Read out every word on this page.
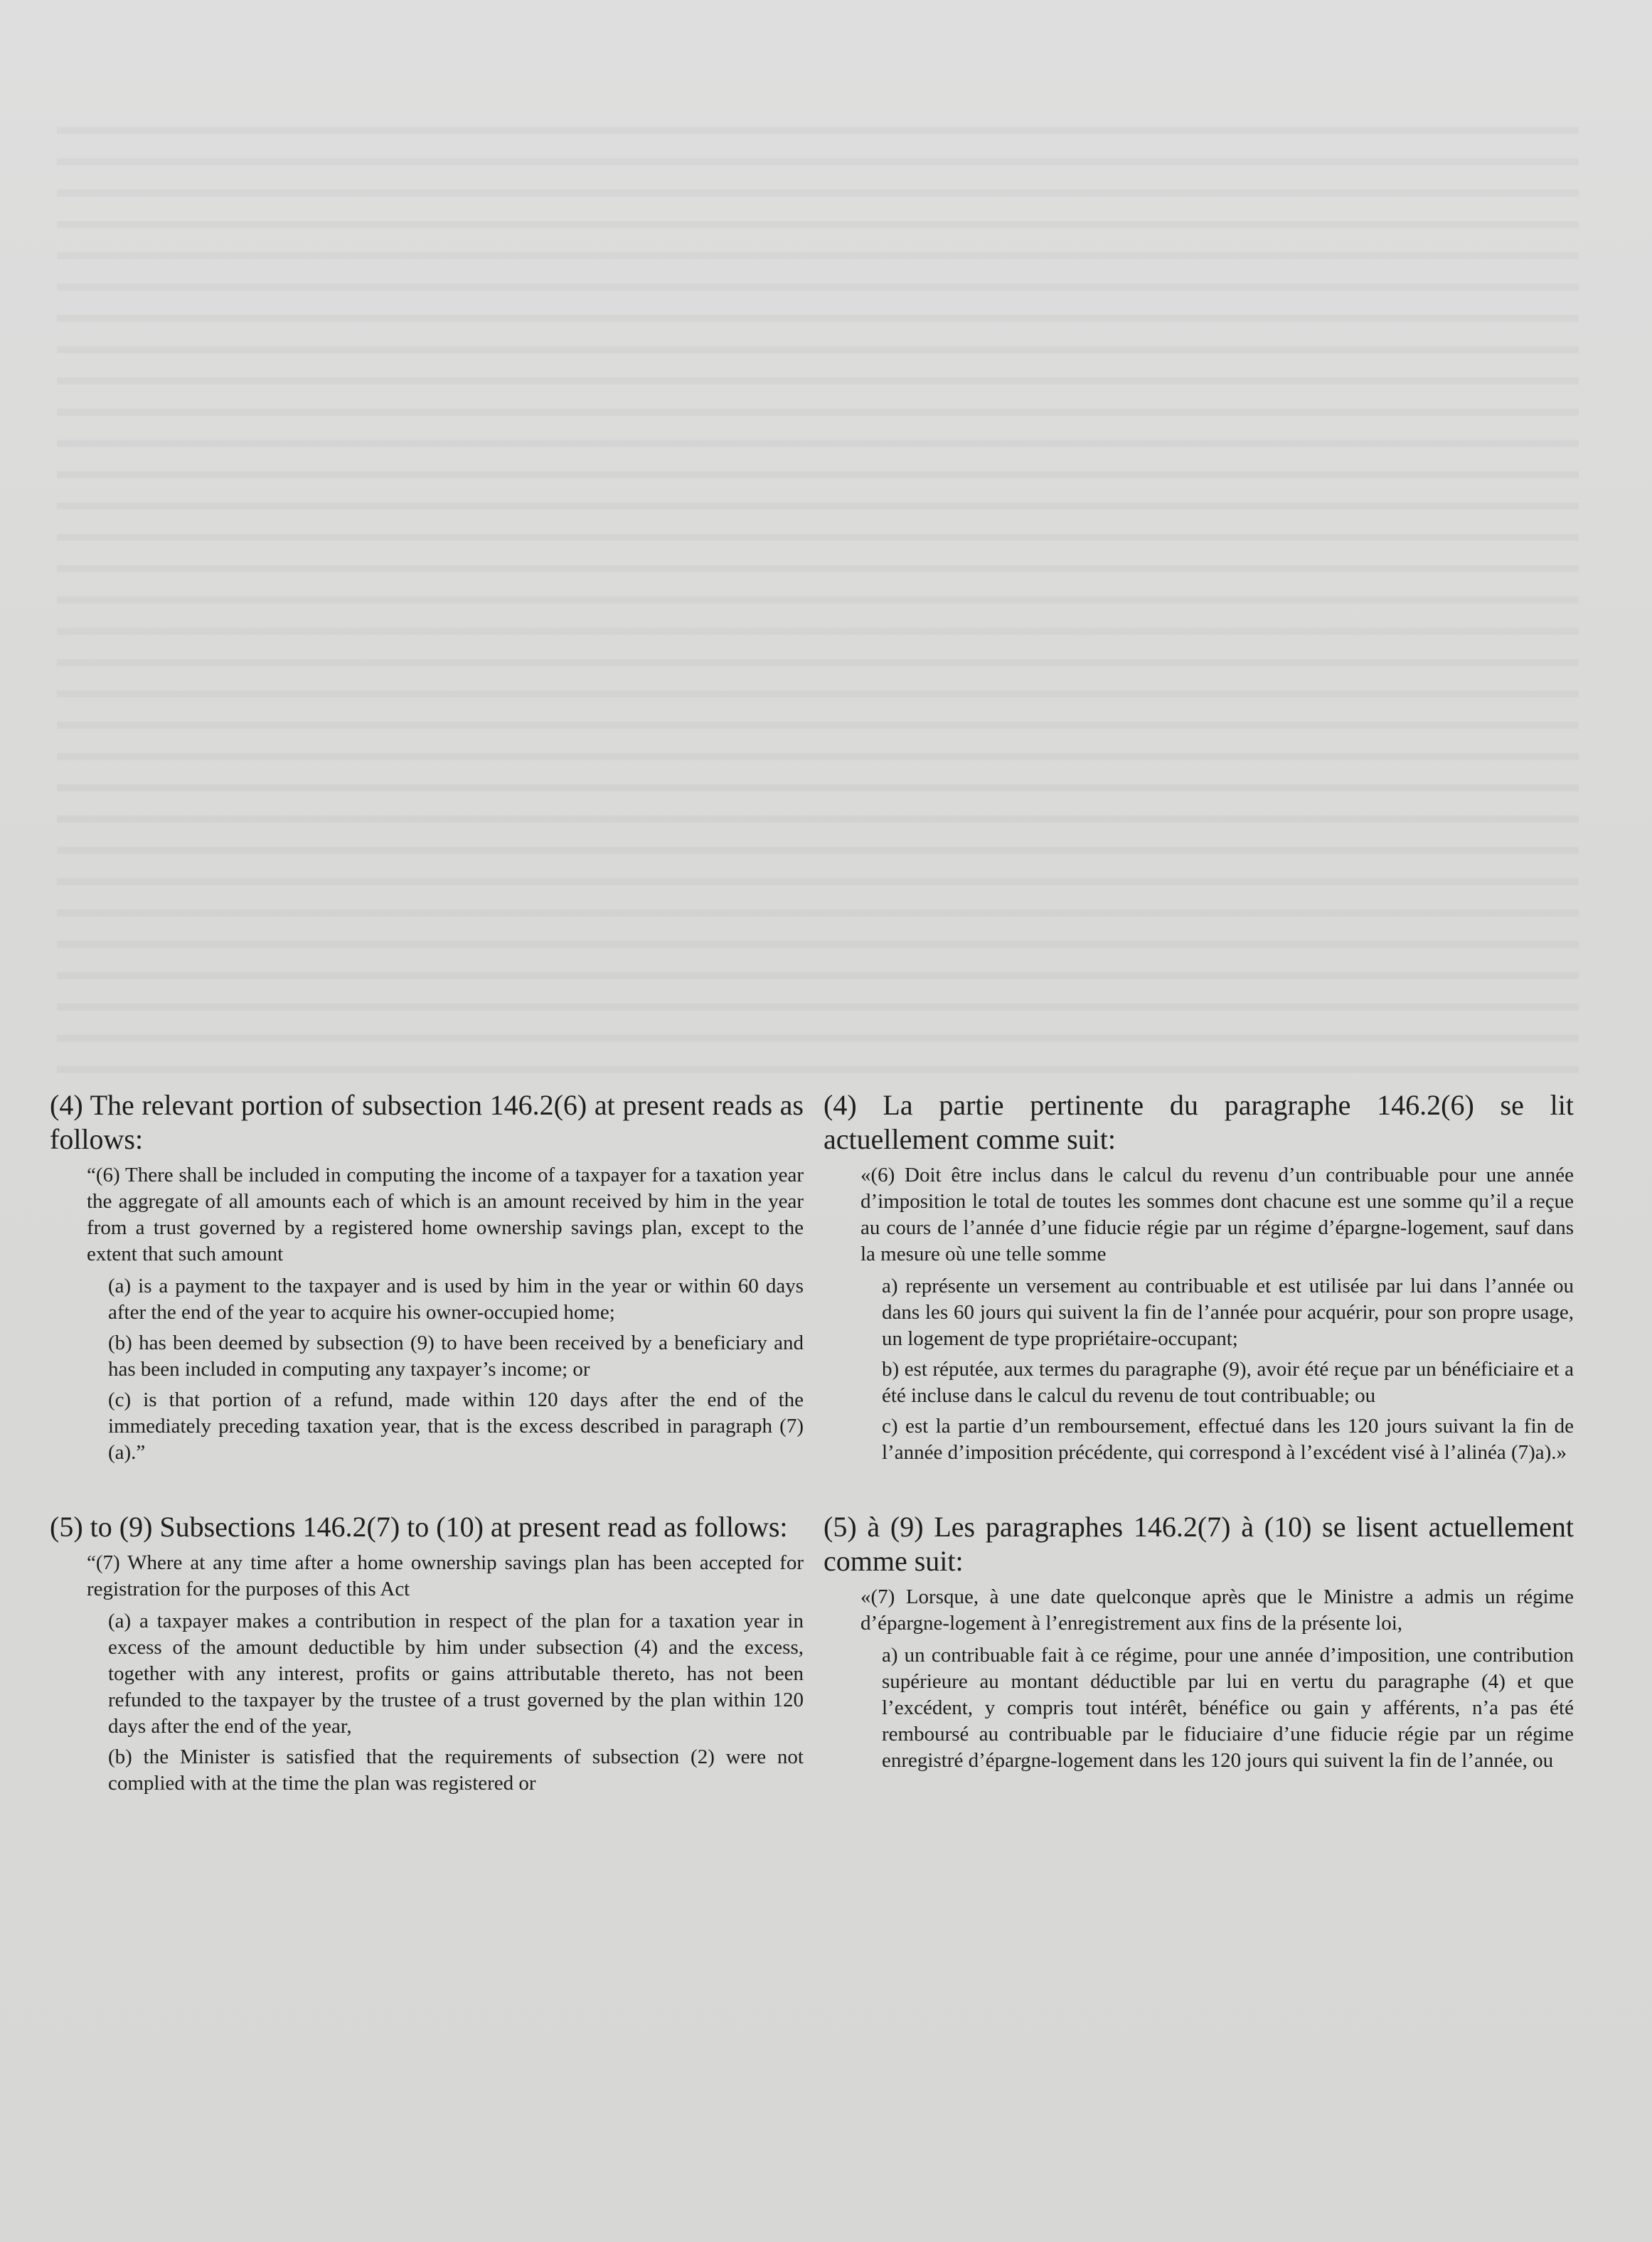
(4) The relevant portion of subsection 146.2(6) at present reads as follows:

“(6) There shall be included in computing the income of a taxpayer for a taxation year the aggregate of all amounts each of which is an amount received by him in the year from a trust governed by a registered home ownership savings plan, except to the extent that such amount

(a) is a payment to the taxpayer and is used by him in the year or within 60 days after the end of the year to acquire his owner-occupied home;

(b) has been deemed by subsection (9) to have been received by a beneficiary and has been included in computing any taxpayer’s income; or

(c) is that portion of a refund, made within 120 days after the end of the immediately preceding taxation year, that is the excess described in paragraph (7)(a).”

(5) to (9) Subsections 146.2(7) to (10) at present read as follows:

“(7) Where at any time after a home ownership savings plan has been accepted for registration for the purposes of this Act

(a) a taxpayer makes a contribution in respect of the plan for a taxation year in excess of the amount deductible by him under subsection (4) and the excess, together with any interest, profits or gains attributable thereto, has not been refunded to the taxpayer by the trustee of a trust governed by the plan within 120 days after the end of the year,

(b) the Minister is satisfied that the requirements of subsection (2) were not complied with at the time the plan was registered or

(4) La partie pertinente du paragraphe 146.2(6) se lit actuellement comme suit:

«(6) Doit être inclus dans le calcul du revenu d’un contribuable pour une année d’imposition le total de toutes les sommes dont chacune est une somme qu’il a reçue au cours de l’année d’une fiducie régie par un régime d’épargne-logement, sauf dans la mesure où une telle somme

a) représente un versement au contribuable et est utilisée par lui dans l’année ou dans les 60 jours qui suivent la fin de l’année pour acquérir, pour son propre usage, un logement de type propriétaire-occupant;

b) est réputée, aux termes du paragraphe (9), avoir été reçue par un bénéficiaire et a été incluse dans le calcul du revenu de tout contribuable; ou

c) est la partie d’un remboursement, effectué dans les 120 jours suivant la fin de l’année d’imposition précédente, qui correspond à l’excédent visé à l’alinéa (7)a).»

(5) à (9) Les paragraphes 146.2(7) à (10) se lisent actuellement comme suit:

«(7) Lorsque, à une date quelconque après que le Ministre a admis un régime d’épargne-logement à l’enregistrement aux fins de la présente loi,

a) un contribuable fait à ce régime, pour une année d’imposition, une contribution supérieure au montant déductible par lui en vertu du paragraphe (4) et que l’excédent, y compris tout intérêt, bénéfice ou gain y afférents, n’a pas été remboursé au contribuable par le fiduciaire d’une fiducie régie par un régime enregistré d’épargne-logement dans les 120 jours qui suivent la fin de l’année, ou
